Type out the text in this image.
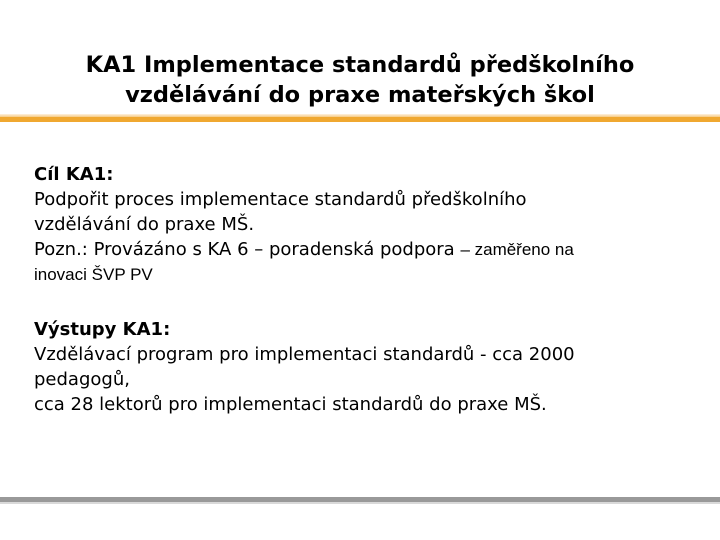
KA1 Implementace standardů předškolního
vzdělávání do praxe mateřských škol
Cíl KA1:
Podpořit proces implementace standardů předškolního
vzdělávání do praxe MŠ.
Pozn.: Provázáno s KA 6 – poradenská podpora – zaměřeno na
inovaci ŠVP PV
Výstupy KA1:
Vzdělávací program pro implementaci standardů - cca 2000
pedagogů,
cca 28 lektorů pro implementaci standardů do praxe MŠ.
